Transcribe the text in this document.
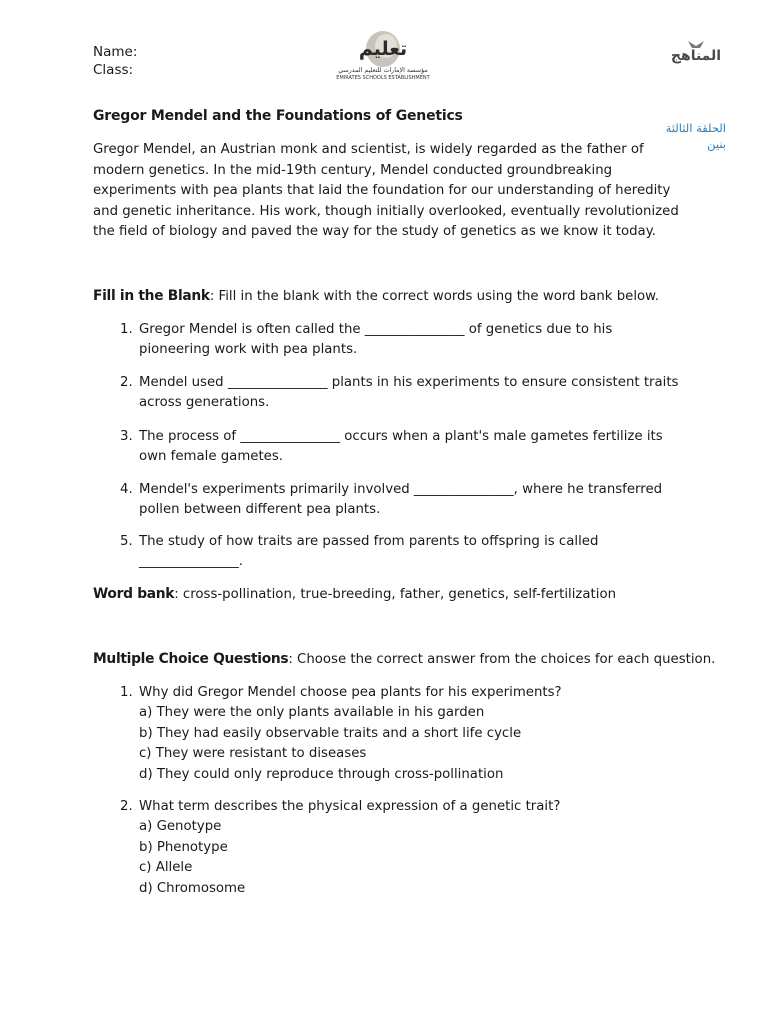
Name:
Class:
تعليم
مؤسسة الإمارات للتعليم المدرسي
EMIRATES SCHOOLS ESTABLISHMENT
المناهج
الحلقة الثالثة
بنين
Gregor Mendel and the Foundations of Genetics

Gregor Mendel, an Austrian monk and scientist, is widely regarded as the father of modern genetics. In the mid-19th century, Mendel conducted groundbreaking experiments with pea plants that laid the foundation for our understanding of heredity and genetic inheritance. His work, though initially overlooked, eventually revolutionized the field of biology and paved the way for the study of genetics as we know it today.

Fill in the Blank: Fill in the blank with the correct words using the word bank below.
1. Gregor Mendel is often called the _______________ of genetics due to his pioneering work with pea plants.
2. Mendel used _______________ plants in his experiments to ensure consistent traits across generations.
3. The process of _______________ occurs when a plant's male gametes fertilize its own female gametes.
4. Mendel's experiments primarily involved _______________, where he transferred pollen between different pea plants.
5. The study of how traits are passed from parents to offspring is called _______________.
Word bank: cross-pollination, true-breeding, father, genetics, self-fertilization
Multiple Choice Questions: Choose the correct answer from the choices for each question.
1. Why did Gregor Mendel choose pea plants for his experiments?
a) They were the only plants available in his garden
b) They had easily observable traits and a short life cycle
c) They were resistant to diseases
d) They could only reproduce through cross-pollination
2. What term describes the physical expression of a genetic trait?
a) Genotype
b) Phenotype
c) Allele
d) Chromosome
